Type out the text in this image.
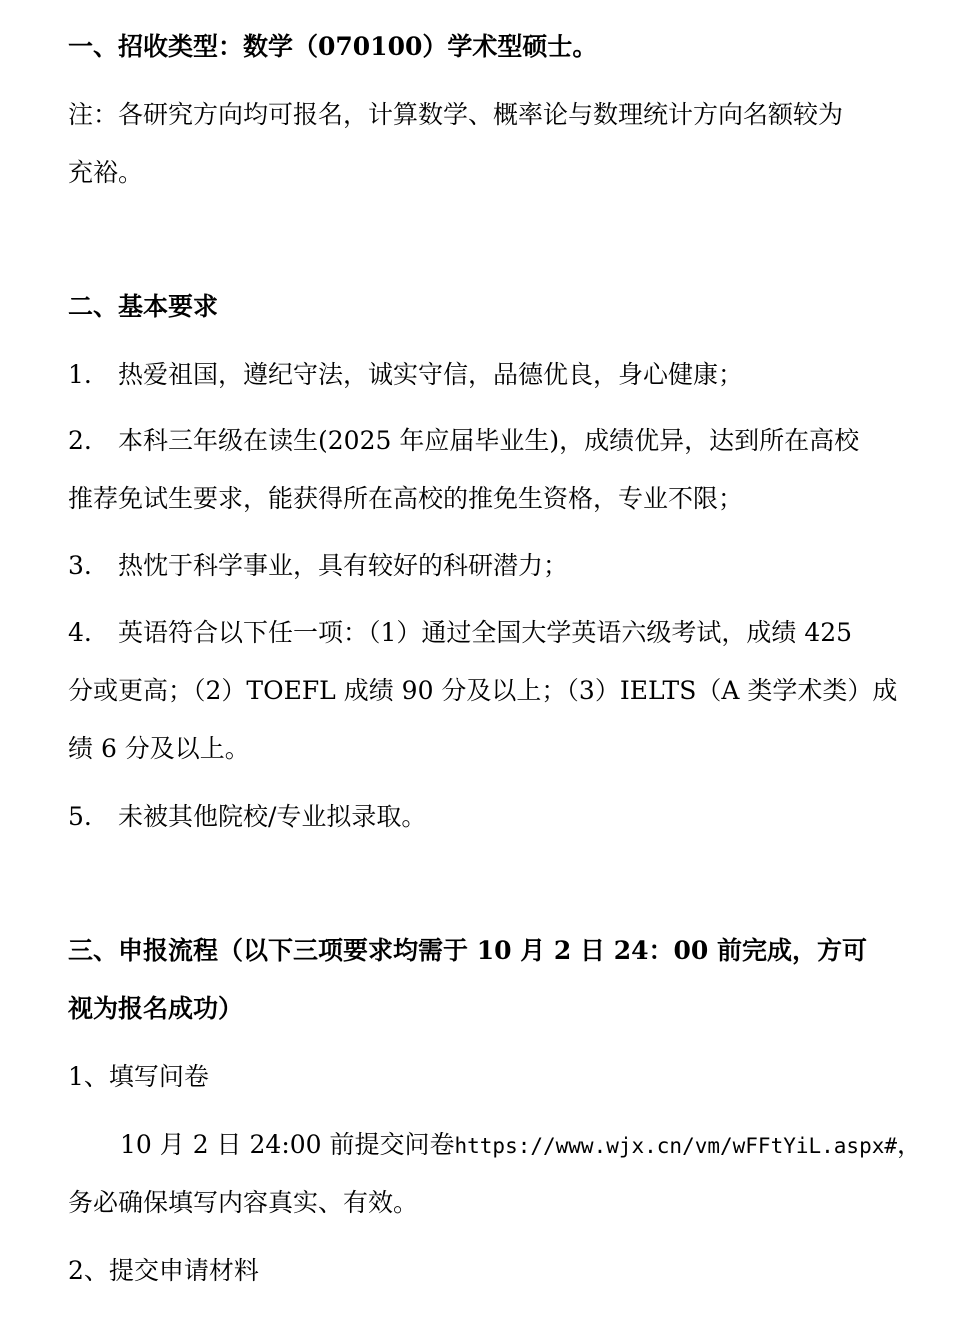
一、招收类型：数学（070100）学术型硕士。
注：各研究方向均可报名，计算数学、概率论与数理统计方向名额较为
充裕。
二、基本要求
1. 热爱祖国，遵纪守法，诚实守信，品德优良，身心健康；
2. 本科三年级在读生(2025 年应届毕业生)，成绩优异，达到所在高校
推荐免试生要求，能获得所在高校的推免生资格，专业不限；
3. 热忱于科学事业，具有较好的科研潜力；
4. 英语符合以下任一项：（1）通过全国大学英语六级考试，成绩 425
分或更高；（2）TOEFL 成绩 90 分及以上；（3）IELTS（A 类学术类）成
绩 6 分及以上。
5. 未被其他院校/专业拟录取。
三、申报流程（以下三项要求均需于 10 月 2 日 24：00 前完成，方可
视为报名成功）
1、填写问卷
10 月 2 日 24:00 前提交问卷https://www.wjx.cn/vm/wFFtYiL.aspx#，
务必确保填写内容真实、有效。
2、提交申请材料
